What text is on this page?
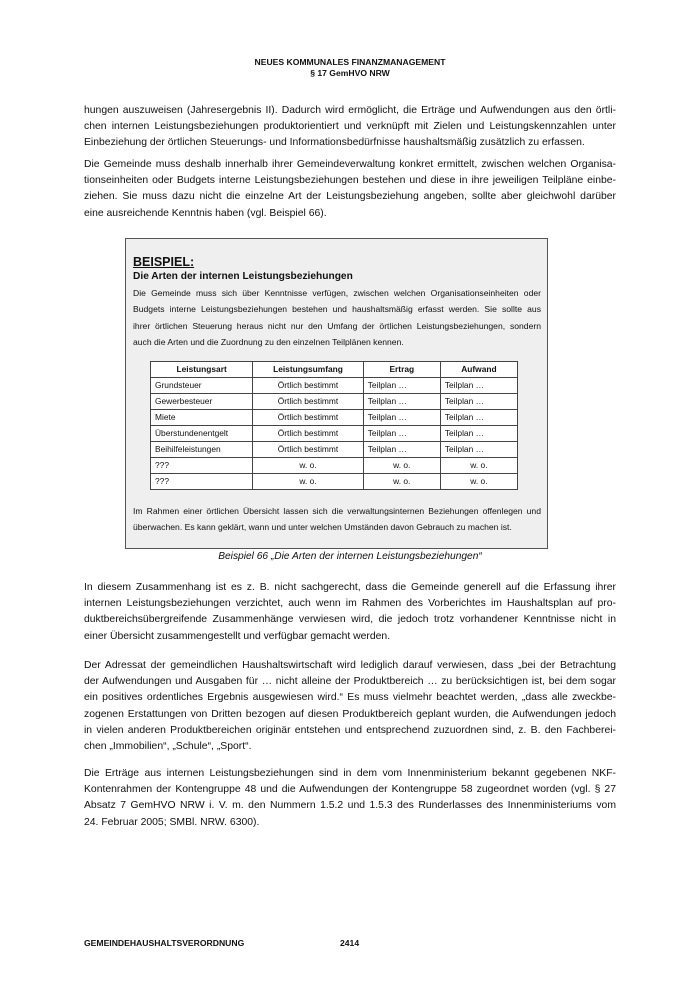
NEUES KOMMUNALES FINANZMANAGEMENT
§ 17 GemHVO NRW
hungen auszuweisen (Jahresergebnis II). Dadurch wird ermöglicht, die Erträge und Aufwendungen aus den örtli-
chen internen Leistungsbeziehungen produktorientiert und verknüpft mit Zielen und Leistungskennzahlen unter
Einbeziehung der örtlichen Steuerungs- und Informationsbedürfnisse haushaltsmäßig zusätzlich zu erfassen.
Die Gemeinde muss deshalb innerhalb ihrer Gemeindeverwaltung konkret ermittelt, zwischen welchen Organisa-
tionseinheiten oder Budgets interne Leistungsbeziehungen bestehen und diese in ihre jeweiligen Teilpläne einbe-
ziehen. Sie muss dazu nicht die einzelne Art der Leistungsbeziehung angeben, sollte aber gleichwohl darüber
eine ausreichende Kenntnis haben (vgl. Beispiel 66).
BEISPIEL:
Die Arten der internen Leistungsbeziehungen
Die Gemeinde muss sich über Kenntnisse verfügen, zwischen welchen Organisationseinheiten oder
Budgets interne Leistungsbeziehungen bestehen und haushaltsmäßig erfasst werden. Sie sollte aus
ihrer örtlichen Steuerung heraus nicht nur den Umfang der örtlichen Leistungsbeziehungen, sondern
auch die Arten und die Zuordnung zu den einzelnen Teilplänen kennen.
Leistungsart	Leistungsumfang	Ertrag	Aufwand
Grundsteuer	Örtlich bestimmt	Teilplan …	Teilplan …
Gewerbesteuer	Örtlich bestimmt	Teilplan …	Teilplan …
Miete	Örtlich bestimmt	Teilplan …	Teilplan …
Überstundenentgelt	Örtlich bestimmt	Teilplan …	Teilplan …
Beihilfeleistungen	Örtlich bestimmt	Teilplan …	Teilplan …
???	w. o.	w. o.	w. o.
???	w. o.	w. o.	w. o.
Im Rahmen einer örtlichen Übersicht lassen sich die verwaltungsinternen Beziehungen offenlegen und
überwachen. Es kann geklärt, wann und unter welchen Umständen davon Gebrauch zu machen ist.
Beispiel 66 „Die Arten der internen Leistungsbeziehungen“
In diesem Zusammenhang ist es z. B. nicht sachgerecht, dass die Gemeinde generell auf die Erfassung ihrer
internen Leistungsbeziehungen verzichtet, auch wenn im Rahmen des Vorberichtes im Haushaltsplan auf pro-
duktbereichsübergreifende Zusammenhänge verwiesen wird, die jedoch trotz vorhandener Kenntnisse nicht in
einer Übersicht zusammengestellt und verfügbar gemacht werden.
Der Adressat der gemeindlichen Haushaltswirtschaft wird lediglich darauf verwiesen, dass „bei der Betrachtung
der Aufwendungen und Ausgaben für … nicht alleine der Produktbereich … zu berücksichtigen ist, bei dem sogar
ein positives ordentliches Ergebnis ausgewiesen wird.“ Es muss vielmehr beachtet werden, „dass alle zweckbe-
zogenen Erstattungen von Dritten bezogen auf diesen Produktbereich geplant wurden, die Aufwendungen jedoch
in vielen anderen Produktbereichen originär entstehen und entsprechend zuzuordnen sind, z. B. den Fachberei-
chen „Immobilien“, „Schule“, „Sport“.
Die Erträge aus internen Leistungsbeziehungen sind in dem vom Innenministerium bekannt gegebenen NKF-
Kontenrahmen der Kontengruppe 48 und die Aufwendungen der Kontengruppe 58 zugeordnet worden (vgl. § 27
Absatz 7 GemHVO NRW i. V. m. den Nummern 1.5.2 und 1.5.3 des Runderlasses des Innenministeriums vom
24. Februar 2005; SMBl. NRW. 6300).
GEMEINDEHAUSHALTSVERORDNUNG	2414
